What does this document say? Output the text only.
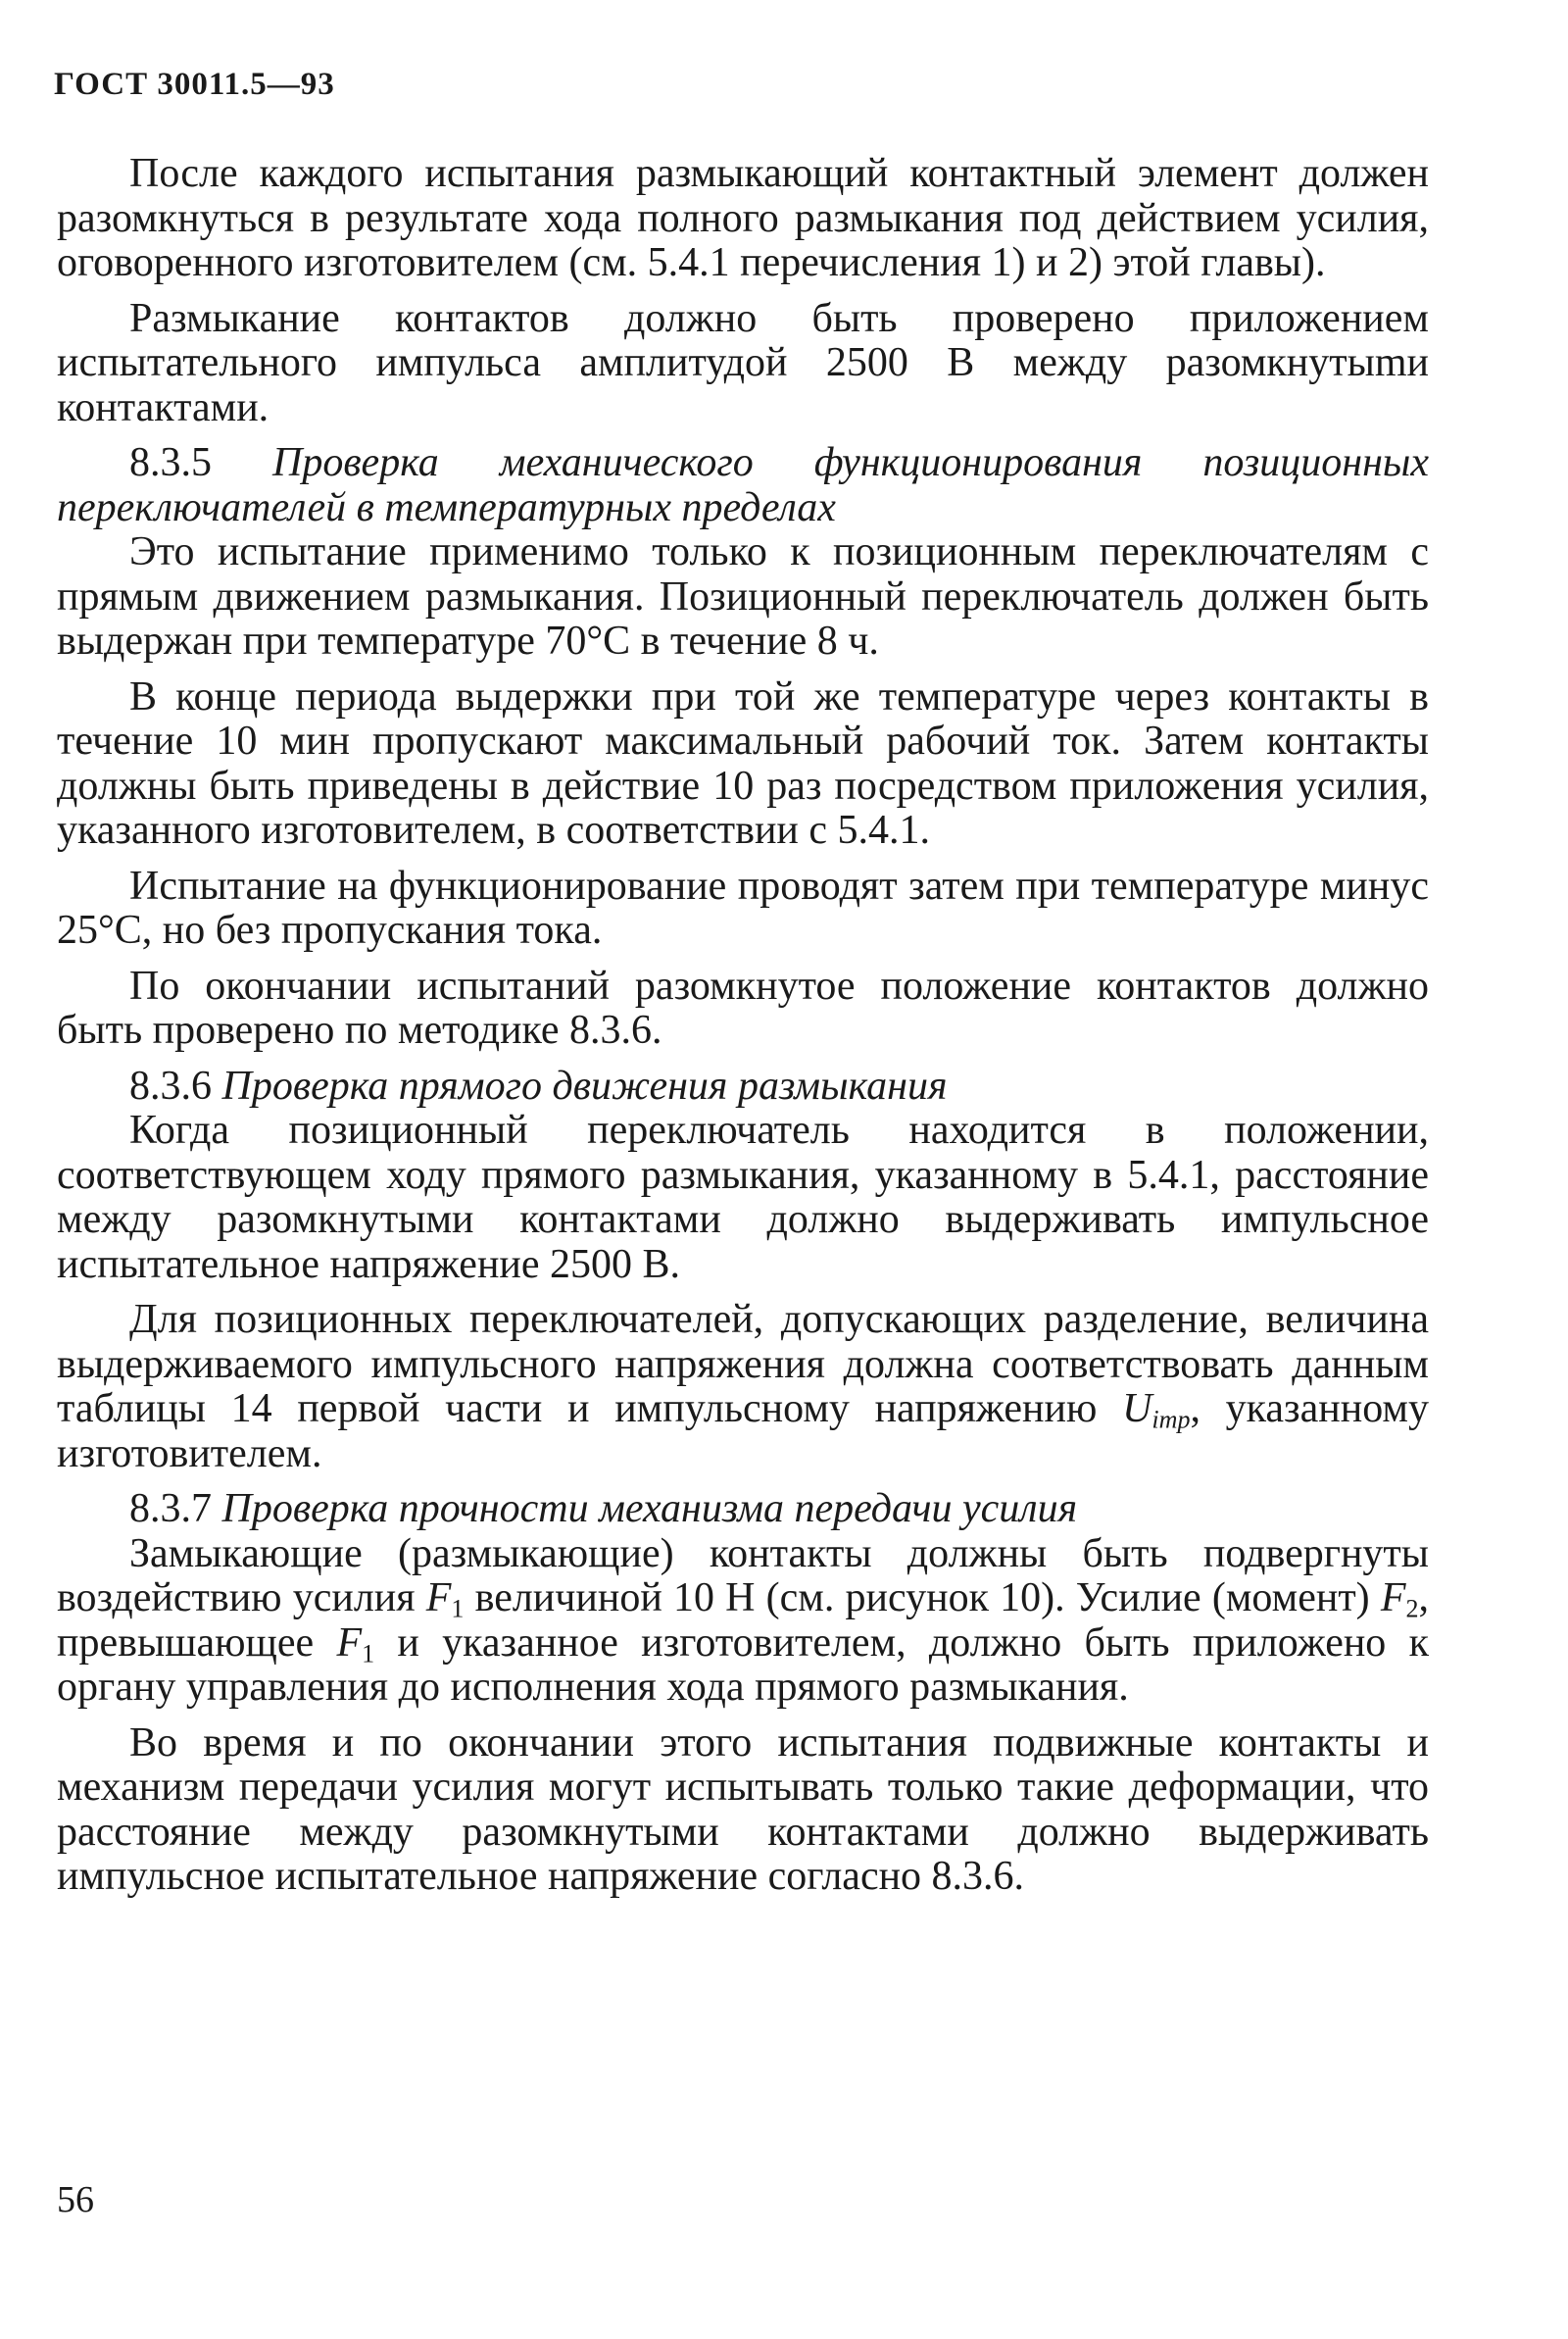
ГОСТ 30011.5—93

После каждого испытания размыкающий контактный элемент должен разомкнуться в результате хода полного размыкания под действием усилия, оговоренного изготовителем (см. 5.4.1 перечисления 1) и 2) этой главы).

Размыкание контактов должно быть проверено приложением испытательного импульса амплитудой 2500 В между разомкнутыmи контактами.

8.3.5 Проверка механического функционирования позиционных переключателей в температурных пределах

Это испытание применимо только к позиционным переключателям с прямым движением размыкания. Позиционный переключатель должен быть выдержан при температуре 70°С в течение 8 ч.

В конце периода выдержки при той же температуре через контакты в течение 10 мин пропускают максимальный рабочий ток. Затем контакты должны быть приведены в действие 10 раз посредством приложения усилия, указанного изготовителем, в соответствии с 5.4.1.

Испытание на функционирование проводят затем при температуре минус 25°С, но без пропускания тока.

По окончании испытаний разомкнутое положение контактов должно быть проверено по методике 8.3.6.

8.3.6 Проверка прямого движения размыкания

Когда позиционный переключатель находится в положении, соответствующем ходу прямого размыкания, указанному в 5.4.1, расстояние между разомкнутыми контактами должно выдерживать импульсное испытательное напряжение 2500 В.

Для позиционных переключателей, допускающих разделение, величина выдерживаемого импульсного напряжения должна соответствовать данным таблицы 14 первой части и импульсному напряжению $U_{imp}$, указанному изготовителем.

8.3.7 Проверка прочности механизма передачи усилия

Замыкающие (размыкающие) контакты должны быть подвергнуты воздействию усилия $F_1$ величиной 10 Н (см. рисунок 10). Усилие (момент) $F_2$, превышающее $F_1$ и указанное изготовителем, должно быть приложено к органу управления до исполнения хода прямого размыкания.

Во время и по окончании этого испытания подвижные контакты и механизм передачи усилия могут испытывать только такие деформации, что расстояние между разомкнутыми контактами должно выдерживать импульсное испытательное напряжение согласно 8.3.6.

56
